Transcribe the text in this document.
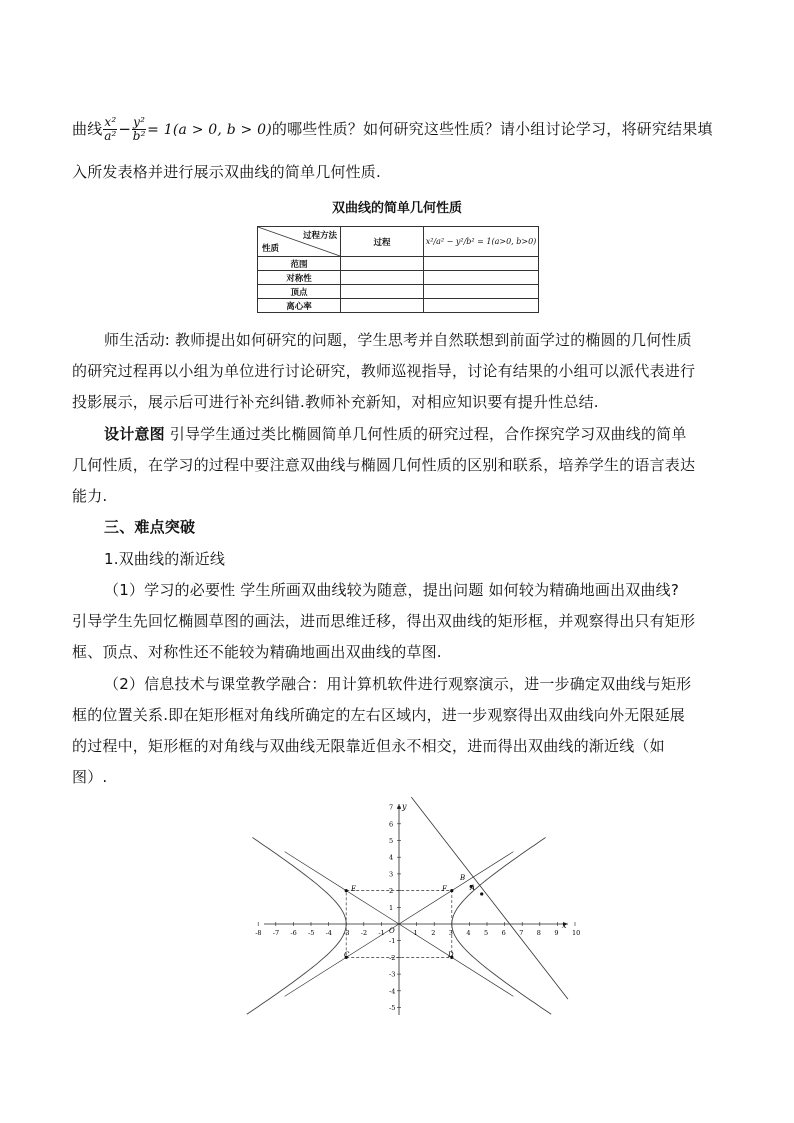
曲线 $\frac{\text{x²}}{\text{a²}} - \frac{\text{y²}}{\text{b²}} = 1(a > 0$, b > 0)的哪些性质？如何研究这些性质？请小组讨论学习，将研究结果填
入所发表格并进行展示双曲线的简单几何性质.
双曲线的简单几何性质
过程方法
性质	过程	x²/a² − y²/b² = 1(a>0, b>0)
范围		
对称性		
顶点		
离心率		
师生活动: 教师提出如何研究的问题，学生思考并自然联想到前面学过的椭圆的几何性质
的研究过程再以小组为单位进行讨论研究，教师巡视指导，讨论有结果的小组可以派代表进行
投影展示，展示后可进行补充纠错.教师补充新知，对相应知识要有提升性总结.
设计意图 引导学生通过类比椭圆简单几何性质的研究过程，合作探究学习双曲线的简单
几何性质，在学习的过程中要注意双曲线与椭圆几何性质的区别和联系，培养学生的语言表达
能力.
三、难点突破
1.双曲线的渐近线
（1）学习的必要性 学生所画双曲线较为随意，提出问题 如何较为精确地画出双曲线?
引导学生先回忆椭圆草图的画法，进而思维迁移，得出双曲线的矩形框，并观察得出只有矩形
框、顶点、对称性还不能较为精确地画出双曲线的草图.
（2）信息技术与课堂教学融合：用计算机软件进行观察演示，进一步确定双曲线与矩形
框的位置关系.即在矩形框对角线所确定的左右区域内，进一步观察得出双曲线向外无限延展
的过程中，矩形框的对角线与双曲线无限靠近但永不相交，进而得出双曲线的渐近线（如
图）.
-8 -7 -6 -5 -4 -3 -2 -1	1 2 3 4 5 6 7 8 9 10
7
6
5
4
3
2
1
-1
-2
-3
-4
-5
x
y
O
A
B
C	D
E	F
